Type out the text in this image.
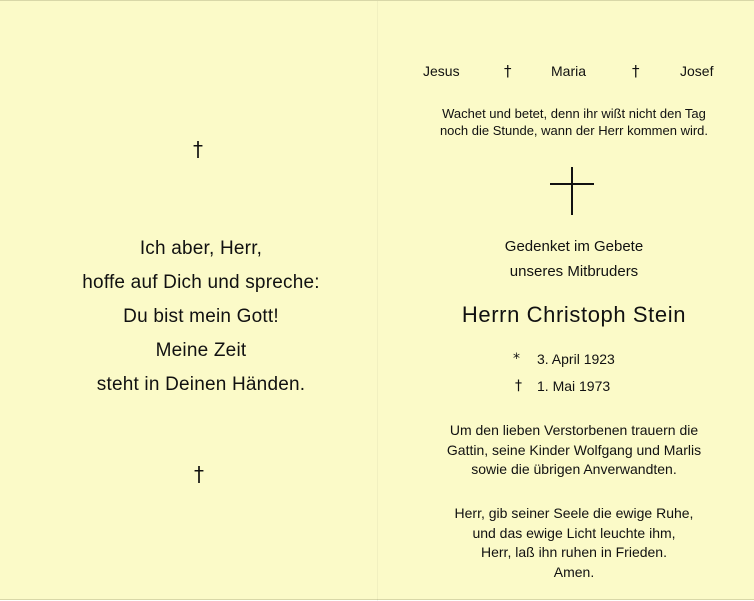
†
Ich aber, Herr,
hoffe auf Dich und spreche:
Du bist mein Gott!
Meine Zeit
steht in Deinen Händen.
†
Jesus	†	Maria	†	Josef
Wachet und betet, denn ihr wißt nicht den Tag
noch die Stunde, wann der Herr kommen wird.
Gedenket im Gebete
unseres Mitbruders
Herrn Christoph Stein
* 3. April 1923
† 1. Mai 1973
Um den lieben Verstorbenen trauern die
Gattin, seine Kinder Wolfgang und Marlis
sowie die übrigen Anverwandten.
Herr, gib seiner Seele die ewige Ruhe,
und das ewige Licht leuchte ihm,
Herr, laß ihn ruhen in Frieden.
Amen.
